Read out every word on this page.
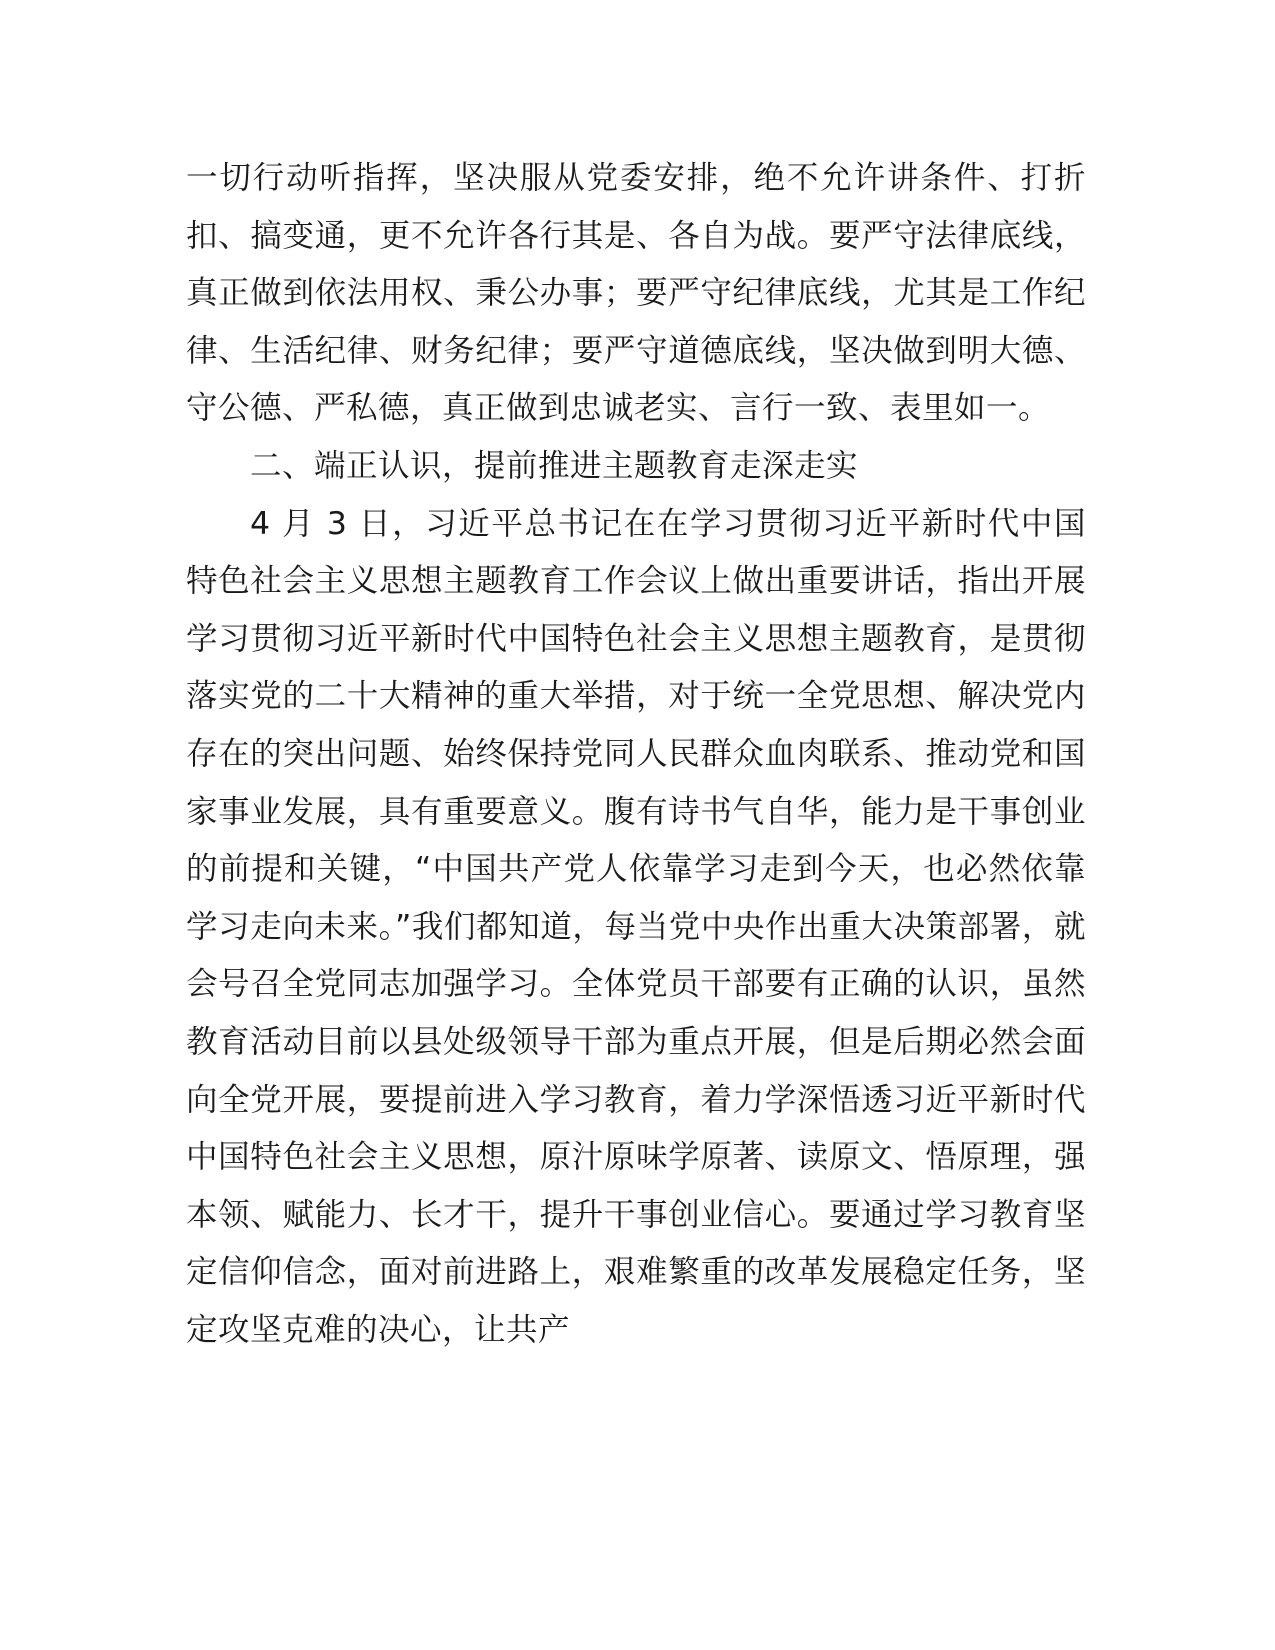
一切行动听指挥，坚决服从党委安排，绝不允许讲条件、打折扣、搞变通，更不允许各行其是、各自为战。要严守法律底线，真正做到依法用权、秉公办事；要严守纪律底线，尤其是工作纪律、生活纪律、财务纪律；要严守道德底线，坚决做到明大德、守公德、严私德，真正做到忠诚老实、言行一致、表里如一。

二、端正认识，提前推进主题教育走深走实

4 月 3 日，习近平总书记在在学习贯彻习近平新时代中国特色社会主义思想主题教育工作会议上做出重要讲话，指出开展学习贯彻习近平新时代中国特色社会主义思想主题教育，是贯彻落实党的二十大精神的重大举措，对于统一全党思想、解决党内存在的突出问题、始终保持党同人民群众血肉联系、推动党和国家事业发展，具有重要意义。腹有诗书气自华，能力是干事创业的前提和关键，“中国共产党人依靠学习走到今天，也必然依靠学习走向未来。”我们都知道，每当党中央作出重大决策部署，就会号召全党同志加强学习。全体党员干部要有正确的认识，虽然教育活动目前以县处级领导干部为重点开展，但是后期必然会面向全党开展，要提前进入学习教育，着力学深悟透习近平新时代中国特色社会主义思想，原汁原味学原著、读原文、悟原理，强本领、赋能力、长才干，提升干事创业信心。要通过学习教育坚定信仰信念，面对前进路上，艰难繁重的改革发展稳定任务，坚定攻坚克难的决心，让共产
